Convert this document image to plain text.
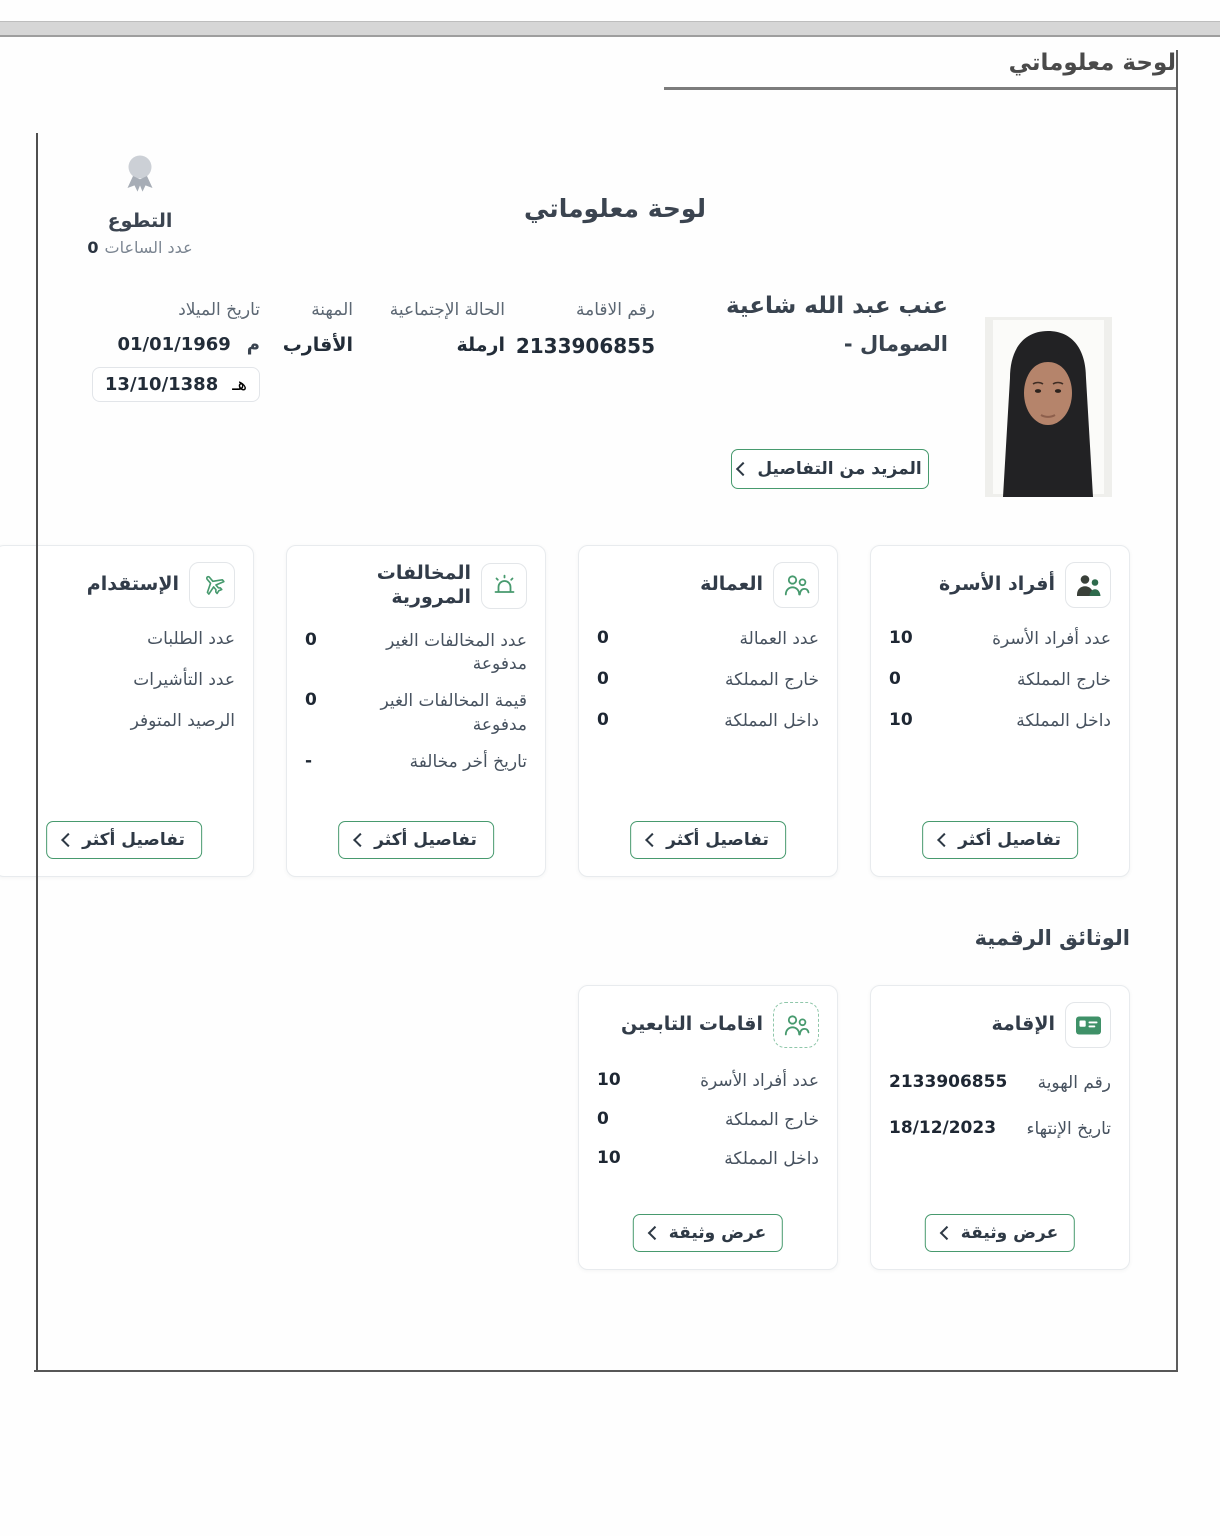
لوحة معلوماتي
لوحة معلوماتي
التطوع
عدد الساعات
0
عنب عبد الله شاعية
الصومال -
رقم الاقامة
2133906855
الحالة الإجتماعية
ارملة
المهنة
الأقارب
تاريخ الميلاد
م
01/01/1969
هـ
13/10/1388
المزيد من التفاصيل
أفراد الأسرة
عدد أفراد الأسرة
10
خارج المملكة
0
داخل المملكة
10
تفاصيل أكثر
العمالة
عدد العمالة
0
خارج المملكة
0
داخل المملكة
0
تفاصيل أكثر
المخالفات المرورية
عدد المخالفات الغير مدفوعة
0
قيمة المخالفات الغير مدفوعة
0
تاريخ أخر مخالفة
-
تفاصيل أكثر
الإستقدام
عدد الطلبات
عدد التأشيرات
الرصيد المتوفر
تفاصيل أكثر
الوثائق الرقمية
الإقامة
رقم الهوية
2133906855
تاريخ الإنتهاء
18/12/2023
عرض وثيقة
اقامات التابعين
عدد أفراد الأسرة
10
خارج المملكة
0
داخل المملكة
10
عرض وثيقة
